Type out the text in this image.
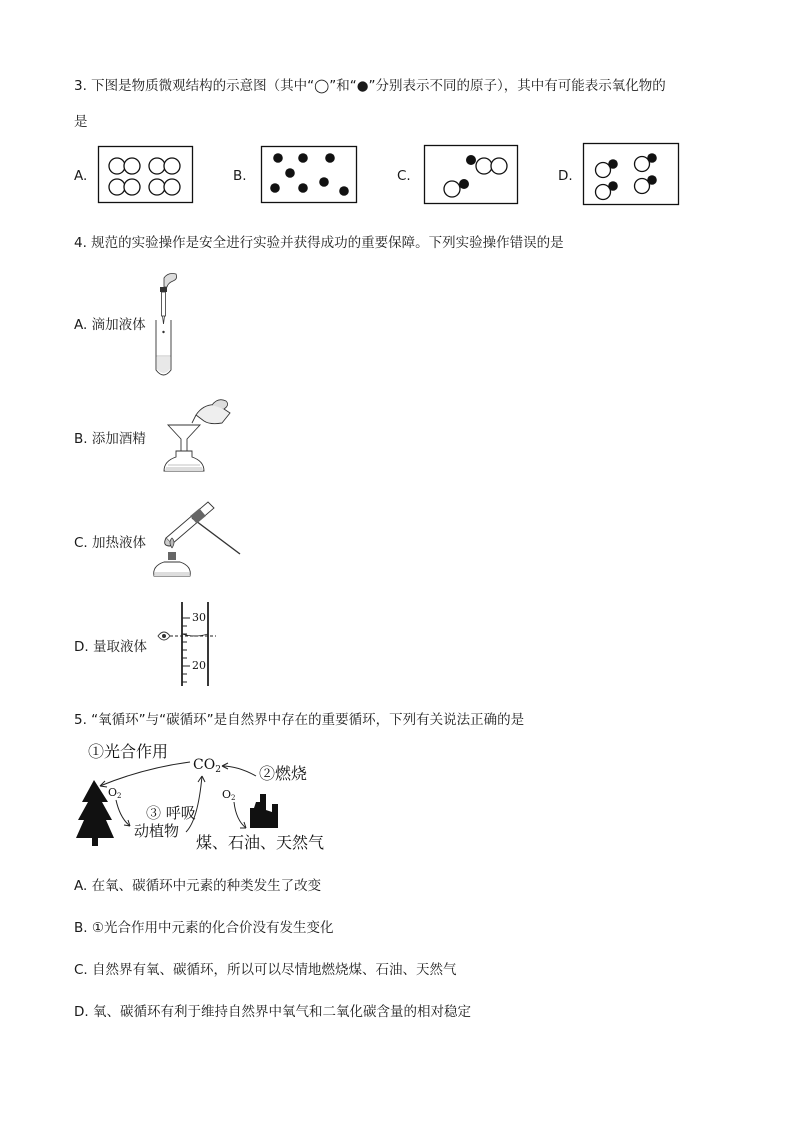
3. 下图是物质微观结构的示意图（其中“◯”和“●”分别表示不同的原子），其中有可能表示氧化物的
是
A.	B.	C.	D.
4. 规范的实验操作是安全进行实验并获得成功的重要保障。下列实验操作错误的是
A. 滴加液体
B. 添加酒精
C. 加热液体
D. 量取液体
30
20
5. “氧循环”与“碳循环”是自然界中存在的重要循环，下列有关说法正确的是
①光合作用
$CO_2$ ②燃烧
③ 呼吸
动植物
煤、石油、天然气
O2	O2
A. 在氧、碳循环中元素的种类发生了改变
B. ①光合作用中元素的化合价没有发生变化
C. 自然界有氧、碳循环，所以可以尽情地燃烧煤、石油、天然气
D. 氧、碳循环有利于维持自然界中氧气和二氧化碳含量的相对稳定
